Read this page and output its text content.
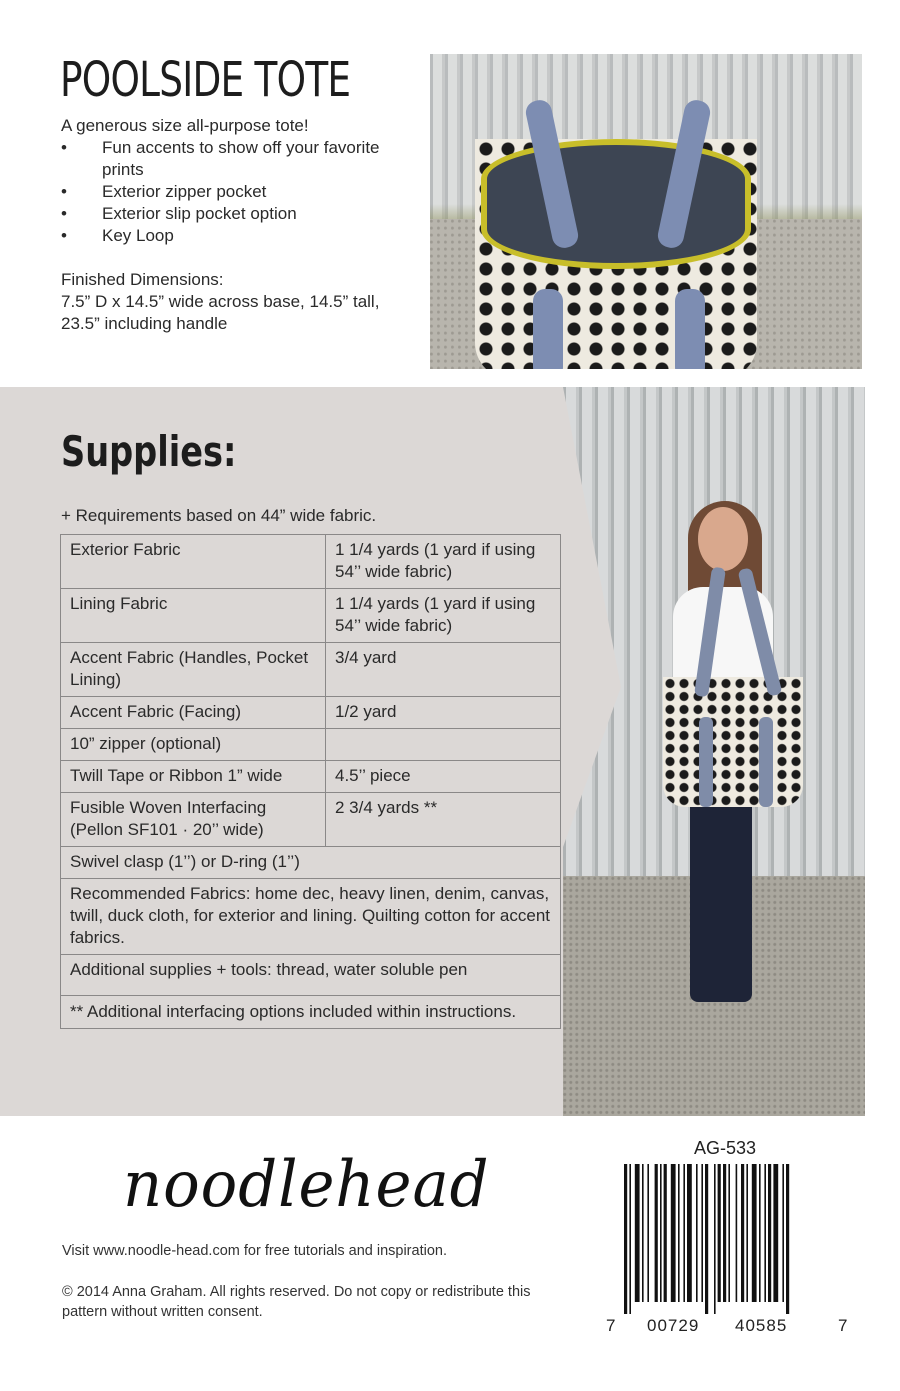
POOLSIDE TOTE

A generous size all-purpose tote!

• Fun accents to show off your favorite prints
• Exterior zipper pocket
• Exterior slip pocket option
• Key Loop

Finished Dimensions:

7.5” D x 14.5” wide across base, 14.5” tall, 23.5” including handle

Supplies:

+ Requirements based on 44” wide fabric.

Exterior Fabric	1 1/4 yards (1 yard if using 54’’ wide fabric)
Lining Fabric	1 1/4 yards (1 yard if using 54’’ wide fabric)
Accent Fabric (Handles, Pocket Lining)	3/4 yard
Accent Fabric (Facing)	1/2 yard
10” zipper (optional)	
Twill Tape or Ribbon 1” wide	4.5’’ piece
Fusible Woven Interfacing (Pellon SF101 · 20’’ wide)	2 3/4 yards **
Swivel clasp (1’’) or D-ring (1’’)	
Recommended Fabrics: home dec, heavy linen, denim, canvas, twill, duck cloth, for exterior and lining. Quilting cotton for accent fabrics.	
Additional supplies + tools: thread, water soluble pen	
** Additional interfacing options included within instructions.	
noodlehead

Visit www.noodle-head.com for free tutorials and inspiration.

© 2014 Anna Graham. All rights reserved. Do not copy or redistribute this pattern without written consent.

AG-533
7 00729 40585	7
